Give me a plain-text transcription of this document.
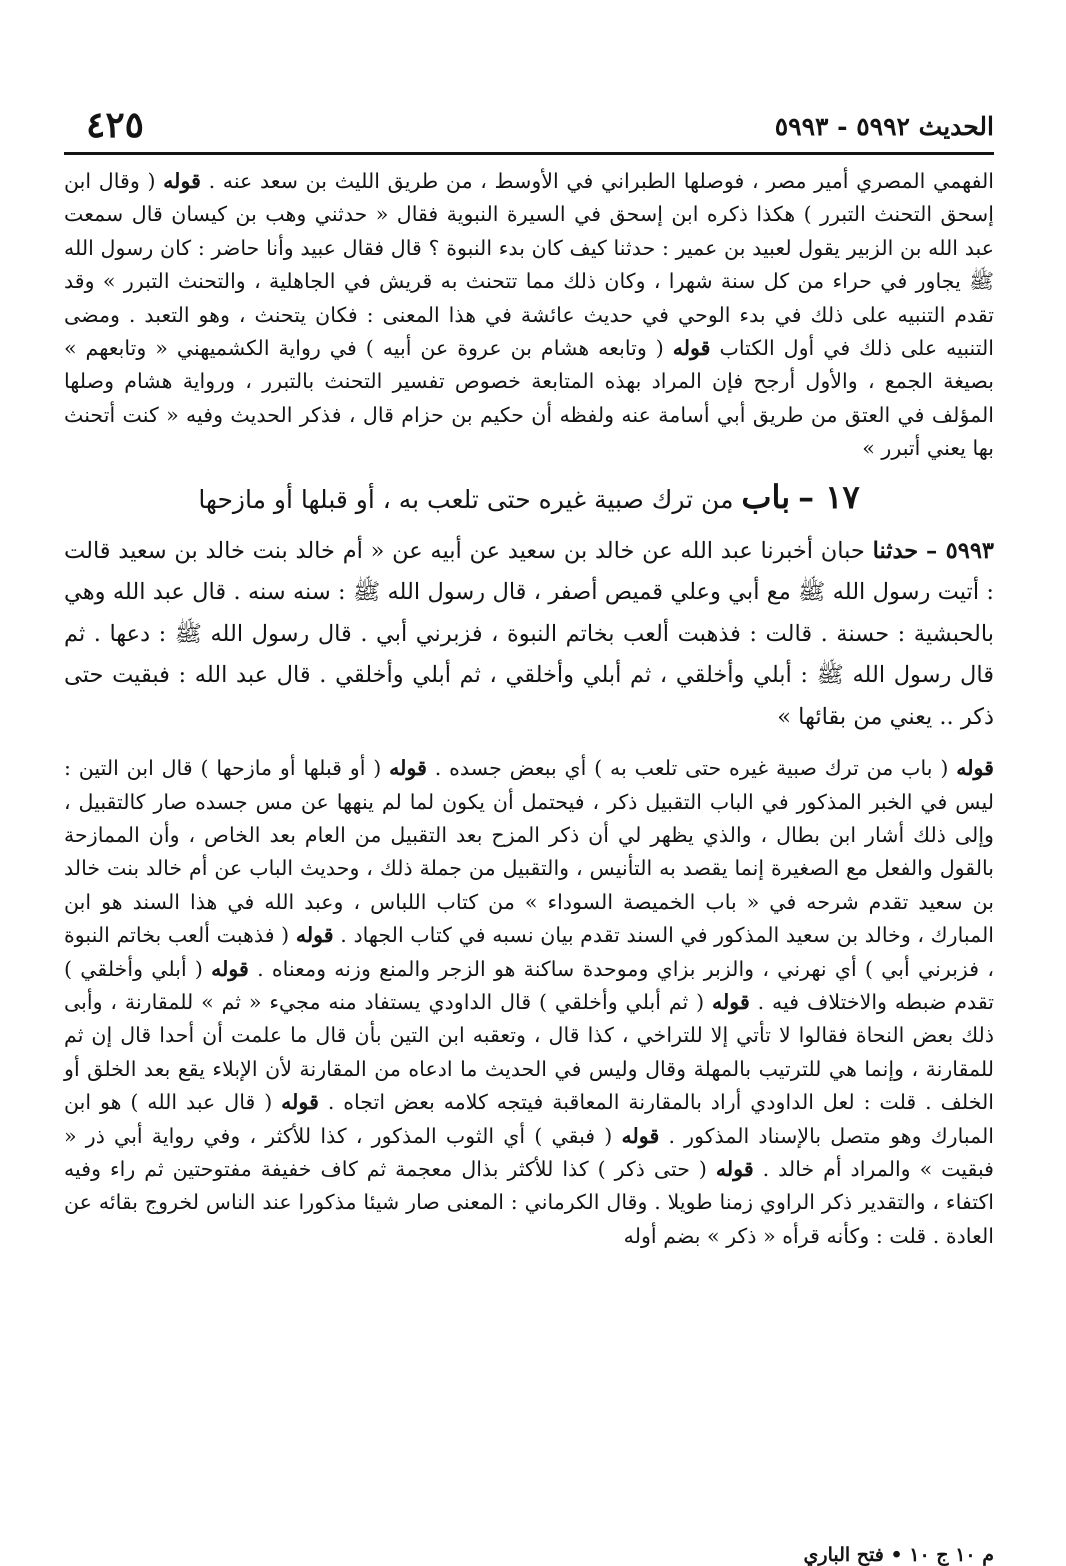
الحديث ٥٩٩٢ - ٥٩٩٣
٤٢٥

الفهمي المصري أمير مصر ، فوصلها الطبراني في الأوسط ، من طريق الليث بن سعد عنه . قوله ( وقال ابن إسحق التحنث التبرر ) هكذا ذكره ابن إسحق في السيرة النبوية فقال « حدثني وهب بن كيسان قال سمعت عبد الله بن الزبير يقول لعبيد بن عمير : حدثنا كيف كان بدء النبوة ؟ قال فقال عبيد وأنا حاضر : كان رسول الله ﷺ يجاور في حراء من كل سنة شهرا ، وكان ذلك مما تتحنث به قريش في الجاهلية ، والتحنث التبرر » وقد تقدم التنبيه على ذلك في بدء الوحي في حديث عائشة في هذا المعنى : فكان يتحنث ، وهو التعبد . ومضى التنبيه على ذلك في أول الكتاب قوله ( وتابعه هشام بن عروة عن أبيه ) في رواية الكشميهني « وتابعهم » بصيغة الجمع ، والأول أرجح فإن المراد بهذه المتابعة خصوص تفسير التحنث بالتبرر ، ورواية هشام وصلها المؤلف في العتق من طريق أبي أسامة عنه ولفظه أن حكيم بن حزام قال ، فذكر الحديث وفيه « كنت أتحنث بها يعني أتبرر »

١٧ – باب من ترك صبية غيره حتى تلعب به ، أو قبلها أو مازحها

٥٩٩٣ – حدثنا حبان أخبرنا عبد الله عن خالد بن سعيد عن أبيه عن « أم خالد بنت خالد بن سعيد قالت : أتيت رسول الله ﷺ مع أبي وعلي قميص أصفر ، قال رسول الله ﷺ : سنه سنه . قال عبد الله وهي بالحبشية : حسنة . قالت : فذهبت ألعب بخاتم النبوة ، فزبرني أبي . قال رسول الله ﷺ : دعها . ثم قال رسول الله ﷺ : أبلي وأخلقي ، ثم أبلي وأخلقي ، ثم أبلي وأخلقي . قال عبد الله : فبقيت حتى ذكر .. يعني من بقائها »

قوله ( باب من ترك صبية غيره حتى تلعب به ) أي ببعض جسده . قوله ( أو قبلها أو مازحها ) قال ابن التين : ليس في الخبر المذكور في الباب التقبيل ذكر ، فيحتمل أن يكون لما لم ينهها عن مس جسده صار كالتقبيل ، وإلى ذلك أشار ابن بطال ، والذي يظهر لي أن ذكر المزح بعد التقبيل من العام بعد الخاص ، وأن الممازحة بالقول والفعل مع الصغيرة إنما يقصد به التأنيس ، والتقبيل من جملة ذلك ، وحديث الباب عن أم خالد بنت خالد بن سعيد تقدم شرحه في « باب الخميصة السوداء » من كتاب اللباس ، وعبد الله في هذا السند هو ابن المبارك ، وخالد بن سعيد المذكور في السند تقدم بيان نسبه في كتاب الجهاد . قوله ( فذهبت ألعب بخاتم النبوة ، فزبرني أبي ) أي نهرني ، والزبر بزاي وموحدة ساكنة هو الزجر والمنع وزنه ومعناه . قوله ( أبلي وأخلقي ) تقدم ضبطه والاختلاف فيه . قوله ( ثم أبلي وأخلقي ) قال الداودي يستفاد منه مجيء « ثم » للمقارنة ، وأبى ذلك بعض النحاة فقالوا لا تأتي إلا للتراخي ، كذا قال ، وتعقبه ابن التين بأن قال ما علمت أن أحدا قال إن ثم للمقارنة ، وإنما هي للترتيب بالمهلة وقال وليس في الحديث ما ادعاه من المقارنة لأن الإبلاء يقع بعد الخلق أو الخلف . قلت : لعل الداودي أراد بالمقارنة المعاقبة فيتجه كلامه بعض اتجاه . قوله ( قال عبد الله ) هو ابن المبارك وهو متصل بالإسناد المذكور . قوله ( فبقي ) أي الثوب المذكور ، كذا للأكثر ، وفي رواية أبي ذر « فبقيت » والمراد أم خالد . قوله ( حتى ذكر ) كذا للأكثر بذال معجمة ثم كاف خفيفة مفتوحتين ثم راء وفيه اكتفاء ، والتقدير ذكر الراوي زمنا طويلا . وقال الكرماني : المعنى صار شيئا مذكورا عند الناس لخروج بقائه عن العادة . قلت : وكأنه قرأه « ذكر » بضم أوله

م ١٠ ج ١٠ • فتح الباري
